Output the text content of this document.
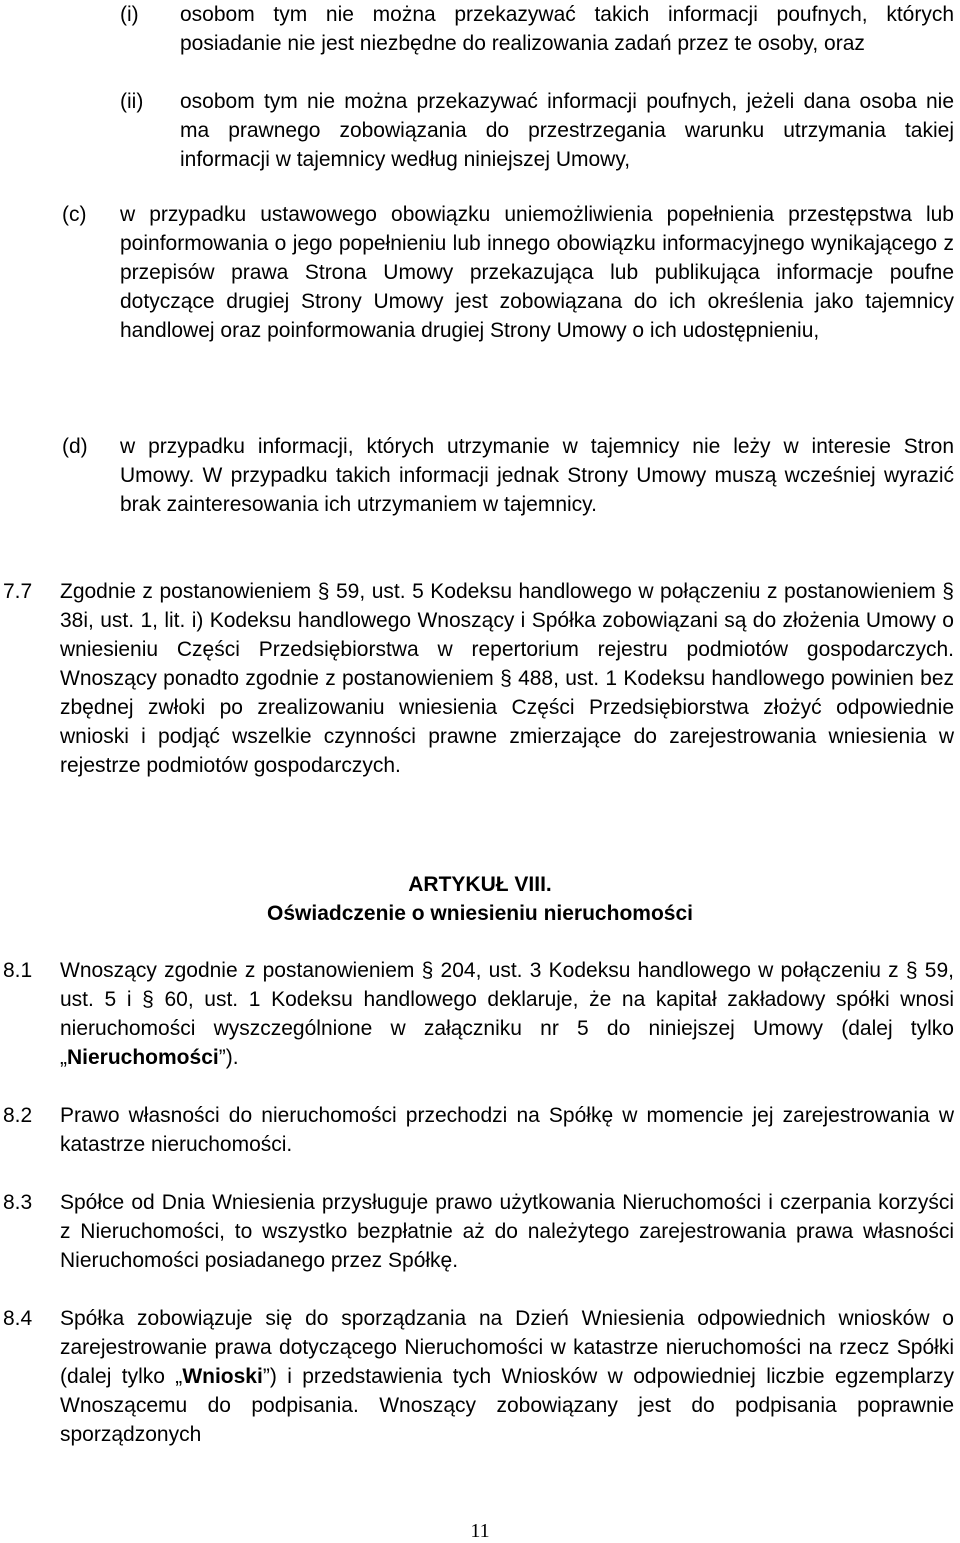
(i) osobom tym nie można przekazywać takich informacji poufnych, których posiadanie nie jest niezbędne do realizowania zadań przez te osoby, oraz

(ii) osobom tym nie można przekazywać informacji poufnych, jeżeli dana osoba nie ma prawnego zobowiązania do przestrzegania warunku utrzymania takiej informacji w tajemnicy według niniejszej Umowy,

(c) w przypadku ustawowego obowiązku uniemożliwienia popełnienia przestępstwa lub poinformowania o jego popełnieniu lub innego obowiązku informacyjnego wynikającego z przepisów prawa Strona Umowy przekazująca lub publikująca informacje poufne dotyczące drugiej Strony Umowy jest zobowiązana do ich określenia jako tajemnicy handlowej oraz poinformowania drugiej Strony Umowy o ich udostępnieniu,

(d) w przypadku informacji, których utrzymanie w tajemnicy nie leży w interesie Stron Umowy. W przypadku takich informacji jednak Strony Umowy muszą wcześniej wyrazić brak zainteresowania ich utrzymaniem w tajemnicy.

7.7 Zgodnie z postanowieniem § 59, ust. 5 Kodeksu handlowego w połączeniu z postanowieniem § 38i, ust. 1, lit. i) Kodeksu handlowego Wnoszący i Spółka zobowiązani są do złożenia Umowy o wniesieniu Części Przedsiębiorstwa w repertorium rejestru podmiotów gospodarczych. Wnoszący ponadto zgodnie z postanowieniem § 488, ust. 1 Kodeksu handlowego powinien bez zbędnej zwłoki po zrealizowaniu wniesienia Części Przedsiębiorstwa złożyć odpowiednie wnioski i podjąć wszelkie czynności prawne zmierzające do zarejestrowania wniesienia w rejestrze podmiotów gospodarczych.

ARTYKUŁ VIII.
Oświadczenie o wniesieniu nieruchomości
8.1 Wnoszący zgodnie z postanowieniem § 204, ust. 3 Kodeksu handlowego w połączeniu z § 59, ust. 5 i § 60, ust. 1 Kodeksu handlowego deklaruje, że na kapitał zakładowy spółki wnosi nieruchomości wyszczególnione w załączniku nr 5 do niniejszej Umowy (dalej tylko „Nieruchomości”).

8.2 Prawo własności do nieruchomości przechodzi na Spółkę w momencie jej zarejestrowania w katastrze nieruchomości.

8.3 Spółce od Dnia Wniesienia przysługuje prawo użytkowania Nieruchomości i czerpania korzyści z Nieruchomości, to wszystko bezpłatnie aż do należytego zarejestrowania prawa własności Nieruchomości posiadanego przez Spółkę.

8.4 Spółka zobowiązuje się do sporządzania na Dzień Wniesienia odpowiednich wniosków o zarejestrowanie prawa dotyczącego Nieruchomości w katastrze nieruchomości na rzecz Spółki (dalej tylko „Wnioski”) i przedstawienia tych Wniosków w odpowiedniej liczbie egzemplarzy Wnoszącemu do podpisania. Wnoszący zobowiązany jest do podpisania poprawnie sporządzonych

11
